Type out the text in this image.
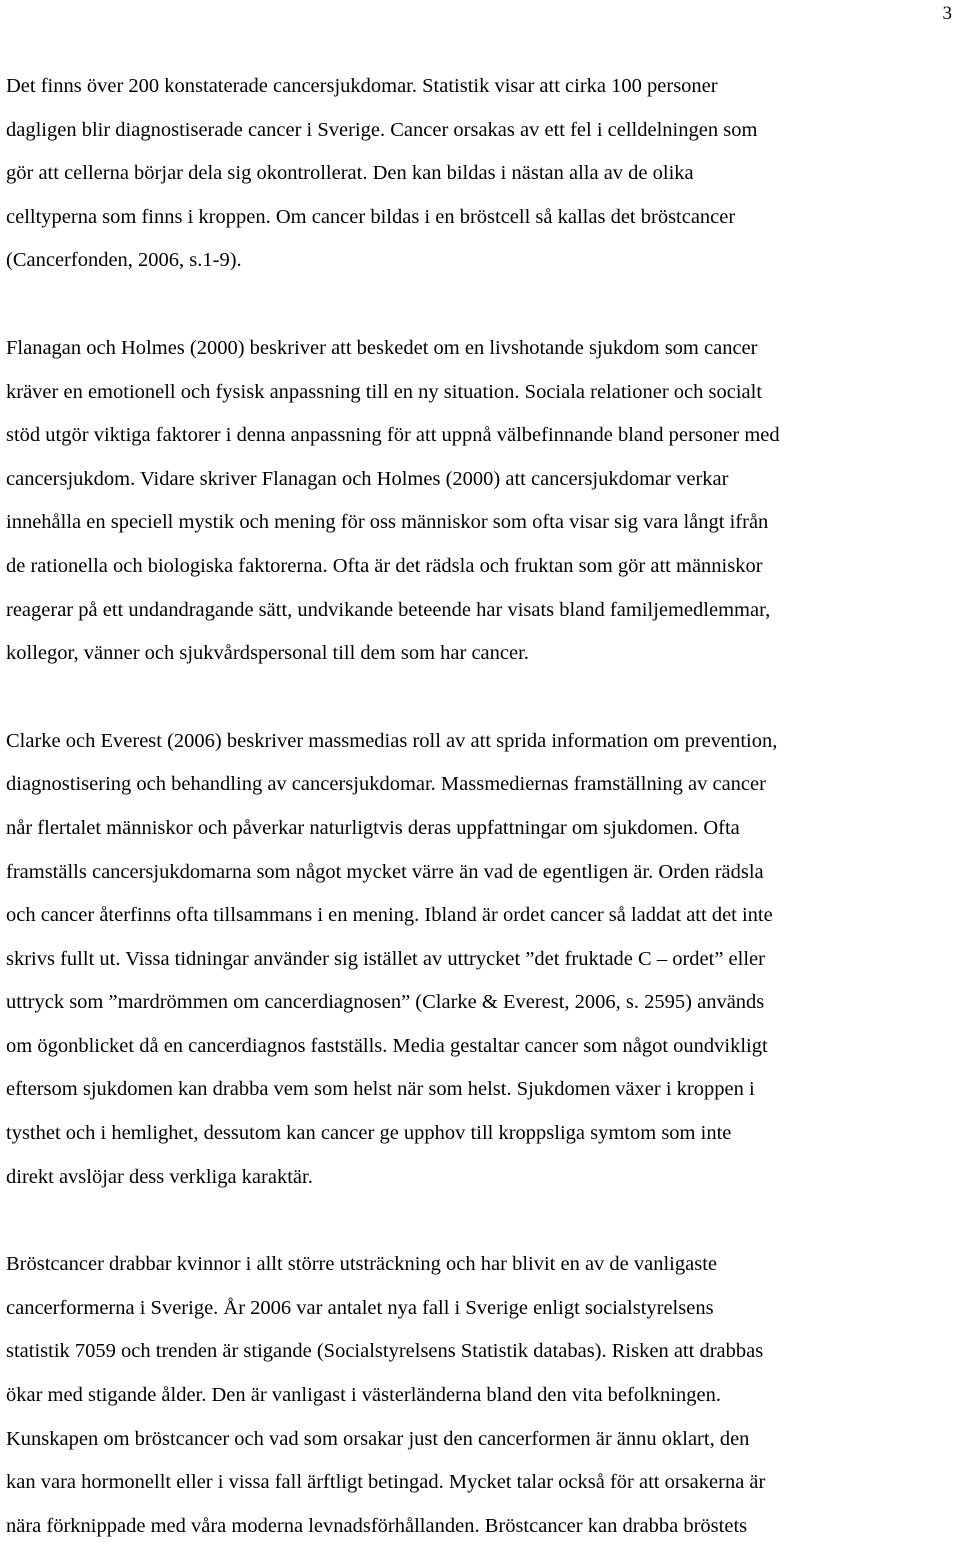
3

Det finns över 200 konstaterade cancersjukdomar. Statistik visar att cirka 100 personer
dagligen blir diagnostiserade cancer i Sverige. Cancer orsakas av ett fel i celldelningen som
gör att cellerna börjar dela sig okontrollerat. Den kan bildas i nästan alla av de olika
celltyperna som finns i kroppen. Om cancer bildas i en bröstcell så kallas det bröstcancer
(Cancerfonden, 2006, s.1-9).

Flanagan och Holmes (2000) beskriver att beskedet om en livshotande sjukdom som cancer
kräver en emotionell och fysisk anpassning till en ny situation. Sociala relationer och socialt
stöd utgör viktiga faktorer i denna anpassning för att uppnå välbefinnande bland personer med
cancersjukdom. Vidare skriver Flanagan och Holmes (2000) att cancersjukdomar verkar
innehålla en speciell mystik och mening för oss människor som ofta visar sig vara långt ifrån
de rationella och biologiska faktorerna. Ofta är det rädsla och fruktan som gör att människor
reagerar på ett undandragande sätt, undvikande beteende har visats bland familjemedlemmar,
kollegor, vänner och sjukvårdspersonal till dem som har cancer.

Clarke och Everest (2006) beskriver massmedias roll av att sprida information om prevention,
diagnostisering och behandling av cancersjukdomar. Massmediernas framställning av cancer
når flertalet människor och påverkar naturligtvis deras uppfattningar om sjukdomen. Ofta
framställs cancersjukdomarna som något mycket värre än vad de egentligen är. Orden rädsla
och cancer återfinns ofta tillsammans i en mening. Ibland är ordet cancer så laddat att det inte
skrivs fullt ut. Vissa tidningar använder sig istället av uttrycket ”det fruktade C – ordet” eller
uttryck som ”mardrömmen om cancerdiagnosen” (Clarke & Everest, 2006, s. 2595) används
om ögonblicket då en cancerdiagnos fastställs. Media gestaltar cancer som något oundvikligt
eftersom sjukdomen kan drabba vem som helst när som helst. Sjukdomen växer i kroppen i
tysthet och i hemlighet, dessutom kan cancer ge upphov till kroppsliga symtom som inte
direkt avslöjar dess verkliga karaktär.

Bröstcancer drabbar kvinnor i allt större utsträckning och har blivit en av de vanligaste
cancerformerna i Sverige. År 2006 var antalet nya fall i Sverige enligt socialstyrelsens
statistik 7059 och trenden är stigande (Socialstyrelsens Statistik databas). Risken att drabbas
ökar med stigande ålder. Den är vanligast i västerländerna bland den vita befolkningen.
Kunskapen om bröstcancer och vad som orsakar just den cancerformen är ännu oklart, den
kan vara hormonellt eller i vissa fall ärftligt betingad. Mycket talar också för att orsakerna är
nära förknippade med våra moderna levnadsförhållanden. Bröstcancer kan drabba bröstets
